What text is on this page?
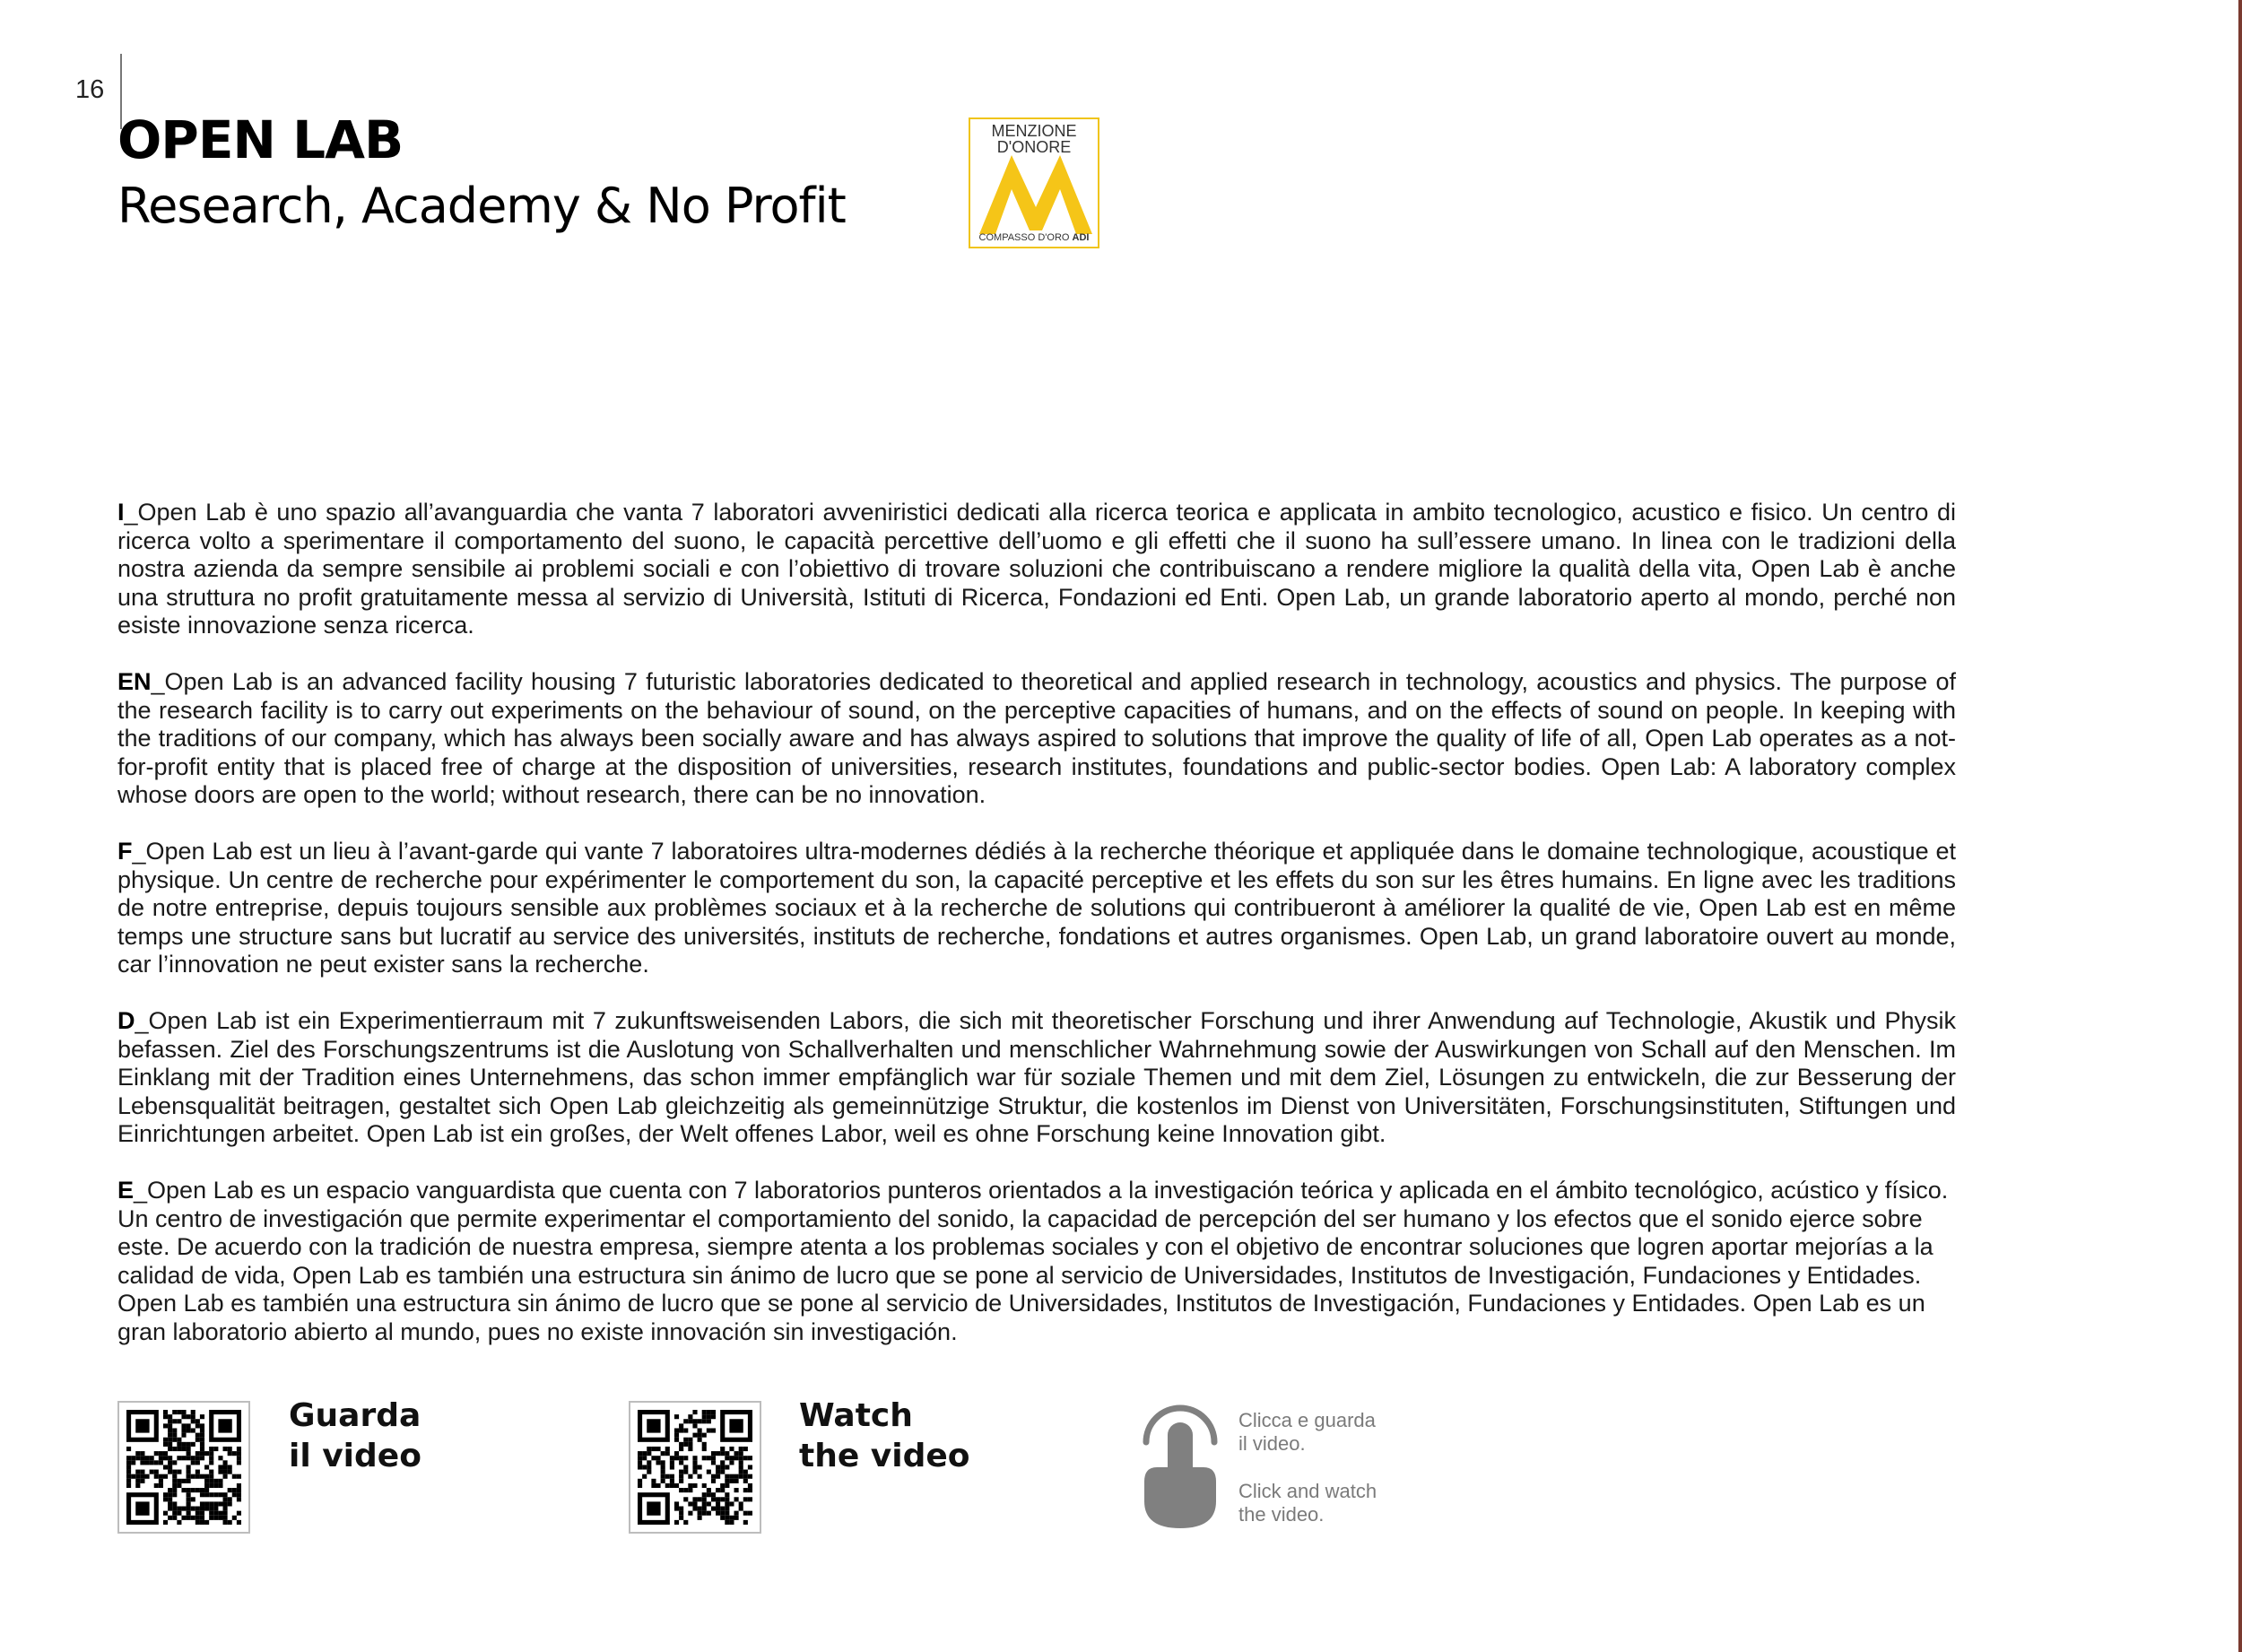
16
OPEN LAB
Research, Academy & No Profit
MENZIONE
D'ONORE
COMPASSO D'ORO ADI

I_Open Lab è uno spazio all’avanguardia che vanta 7 laboratori avveniristici dedicati alla ricerca teorica e applicata in ambito tecnologico, acustico e fisico. Un centro di ricerca volto a sperimentare il comportamento del suono, le capacità percettive dell’uomo e gli effetti che il suono ha sull’essere umano. In linea con le tradizioni della nostra azienda da sempre sensibile ai problemi sociali e con l’obiettivo di trovare soluzioni che contribuiscano a rendere migliore la qualità della vita, Open Lab è anche una struttura no profit gratuitamente messa al servizio di Università, Istituti di Ricerca, Fondazioni ed Enti. Open Lab, un grande laboratorio aperto al mondo, perché non esiste innovazione senza ricerca.

EN_Open Lab is an advanced facility housing 7 futuristic laboratories dedicated to theoretical and applied research in technology, acoustics and physics. The purpose of the research facility is to carry out experiments on the behaviour of sound, on the perceptive capacities of humans, and on the effects of sound on people. In keeping with the traditions of our company, which has always been socially aware and has always aspired to solutions that improve the quality of life of all, Open Lab operates as a not-for-profit entity that is placed free of charge at the disposition of universities, research institutes, foundations and public-sector bodies. Open Lab: A laboratory complex whose doors are open to the world; without research, there can be no innovation.

F_Open Lab est un lieu à l’avant-garde qui vante 7 laboratoires ultra-modernes dédiés à la recherche théorique et appliquée dans le domaine technologique, acoustique et physique. Un centre de recherche pour expérimenter le comportement du son, la capacité perceptive et les effets du son sur les êtres humains. En ligne avec les traditions de notre entreprise, depuis toujours sensible aux problèmes sociaux et à la recherche de solutions qui contribueront à améliorer la qualité de vie, Open Lab est en même temps une structure sans but lucratif au service des universités, instituts de recherche, fondations et autres organismes. Open Lab, un grand laboratoire ouvert au monde, car l’innovation ne peut exister sans la recherche.

D_Open Lab ist ein Experimentierraum mit 7 zukunftsweisenden Labors, die sich mit theoretischer Forschung und ihrer Anwendung auf Technologie, Akustik und Physik befassen. Ziel des Forschungszentrums ist die Auslotung von Schallverhalten und menschlicher Wahrnehmung sowie der Auswirkungen von Schall auf den Menschen. Im Einklang mit der Tradition eines Unternehmens, das schon immer empfänglich war für soziale Themen und mit dem Ziel, Lösungen zu entwickeln, die zur Besserung der Lebensqualität beitragen, gestaltet sich Open Lab gleichzeitig als gemeinnützige Struktur, die kostenlos im Dienst von Universitäten, Forschungsinstituten, Stiftungen und Einrichtungen arbeitet. Open Lab ist ein großes, der Welt offenes Labor, weil es ohne Forschung keine Innovation gibt.

E_Open Lab es un espacio vanguardista que cuenta con 7 laboratorios punteros orientados a la investigación teórica y aplicada en el ámbito tecnológico, acústico y físico. Un centro de investigación que permite experimentar el comportamiento del sonido, la capacidad de percepción del ser humano y los efectos que el sonido ejerce sobre este. De acuerdo con la tradición de nuestra empresa, siempre atenta a los problemas sociales y con el objetivo de encontrar soluciones que logren aportar mejorías a la calidad de vida, Open Lab es también una estructura sin ánimo de lucro que se pone al servicio de Universidades, Institutos de Investigación, Fundaciones y Entidades. Open Lab es también una estructura sin ánimo de lucro que se pone al servicio de Universidades, Institutos de Investigación, Fundaciones y Entidades. Open Lab es un gran laboratorio abierto al mundo, pues no existe innovación sin investigación.

Guarda
il video
Watch
the video
Clicca e guarda
il video.
Click and watch
the video.
